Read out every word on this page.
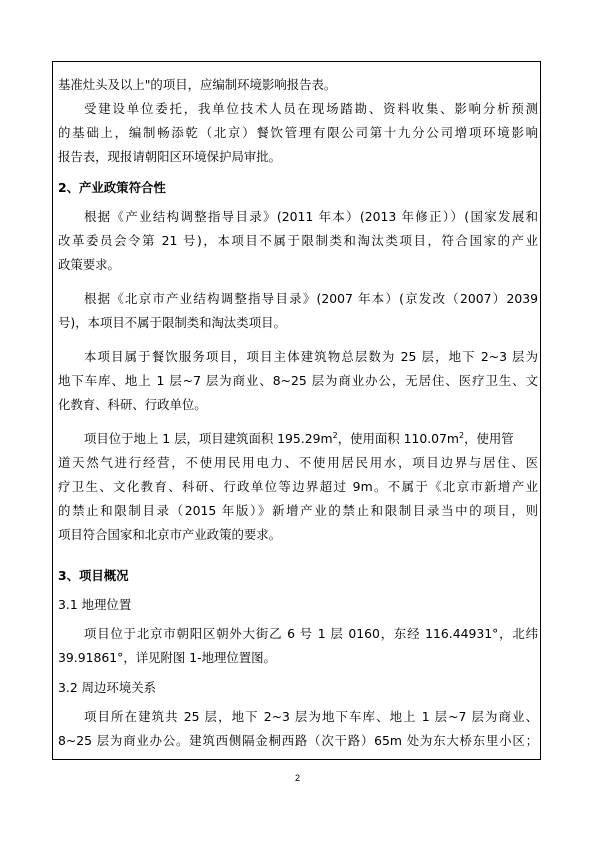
基准灶头及以上"的项目，应编制环境影响报告表。
受建设单位委托，我单位技术人员在现场踏勘、资料收集、影响分析预测
的基础上，编制畅添乾（北京）餐饮管理有限公司第十九分公司增项环境影响
报告表，现报请朝阳区环境保护局审批。
2、产业政策符合性
根据《产业结构调整指导目录》(2011 年本）(2013 年修正））(国家发展和
改革委员会令第 21 号)，本项目不属于限制类和淘汰类项目，符合国家的产业
政策要求。
根据《北京市产业结构调整指导目录》(2007 年本）(京发改（2007）2039
号)，本项目不属于限制类和淘汰类项目。
本项目属于餐饮服务项目，项目主体建筑物总层数为 25 层，地下 2~3 层为
地下车库、地上 1 层~7 层为商业、8~25 层为商业办公，无居住、医疗卫生、文
化教育、科研、行政单位。
项目位于地上 1 层，项目建筑面积 $195.29m^2$，使用面积 $110.07m^2$，使用管
道天然气进行经营，不使用民用电力、不使用居民用水，项目边界与居住、医
疗卫生、文化教育、科研、行政单位等边界超过 9m。不属于《北京市新增产业
的禁止和限制目录（2015 年版）》新增产业的禁止和限制目录当中的项目，则
项目符合国家和北京市产业政策的要求。
3、项目概况
3.1 地理位置
项目位于北京市朝阳区朝外大街乙 6 号 1 层 0160，东经 116.44931°，北纬
39.91861°，详见附图 1-地理位置图。
3.2 周边环境关系
项目所在建筑共 25 层，地下 2~3 层为地下车库、地上 1 层~7 层为商业、
8~25 层为商业办公。建筑西侧隔金桐西路（次干路）65m 处为东大桥东里小区；
2
